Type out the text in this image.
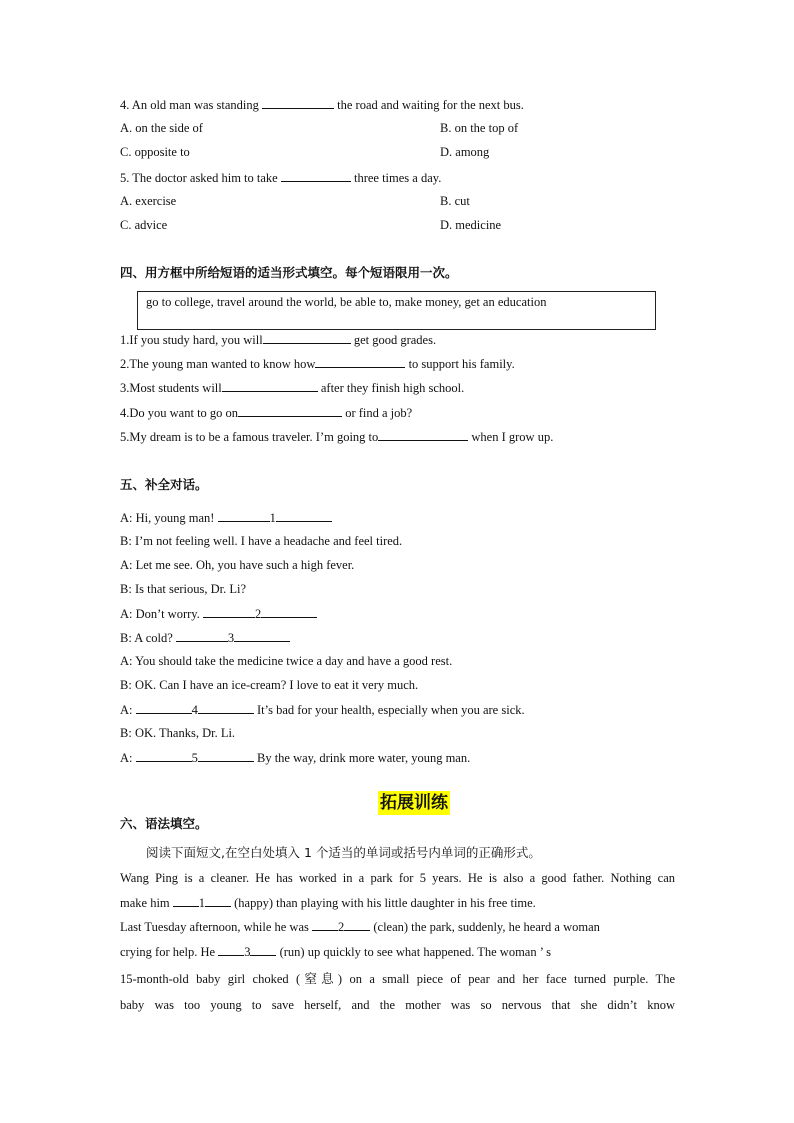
4. An old man was standing	the road and waiting for the next bus.
A. on the side of	B. on the top of
C. opposite to	D. among
5. The doctor asked him to take	three times a day.
A. exercise	B. cut
C. advice	D. medicine
四、用方框中所给短语的适当形式填空。每个短语限用一次。
go to college, travel around the world, be able to, make money, get an education
1.If you study hard, you will	get good grades.
2.The young man wanted to know how	to support his family.
3.Most students will	after they finish high school.
4.Do you want to go on	or find a job?
5.My dream is to be a famous traveler. I’m going to	when I grow up.
五、补全对话。
A: Hi, young man!	1
B: I’m not feeling well. I have a headache and feel tired.
A: Let me see. Oh, you have such a high fever.
B: Is that serious, Dr. Li?
A: Don’t worry.	2
B: A cold?	3
A: You should take the medicine twice a day and have a good rest.
B: OK. Can I have an ice-cream? I love to eat it very much.
A:	4	It’s bad for your health, especially when you are sick.
B: OK. Thanks, Dr. Li.
A:	5	By the way, drink more water, young man.
拓展训练
六、语法填空。
阅读下面短文,在空白处填入 1 个适当的单词或括号内单词的正确形式。
Wang Ping is a cleaner. He has worked in a park for 5 years. He is also a good father. Nothing can
make him 1 (happy) than playing with his little daughter in his free time.
Last Tuesday afternoon, while he was 2 (clean) the park, suddenly, he heard a woman
crying for help. He 3 (run) up quickly to see what happened. The woman ’ s
15-month-old baby girl choked (窒息) on a small piece of pear and her face turned purple. The
baby was too young to save herself, and the mother was so nervous that she didn’t know
